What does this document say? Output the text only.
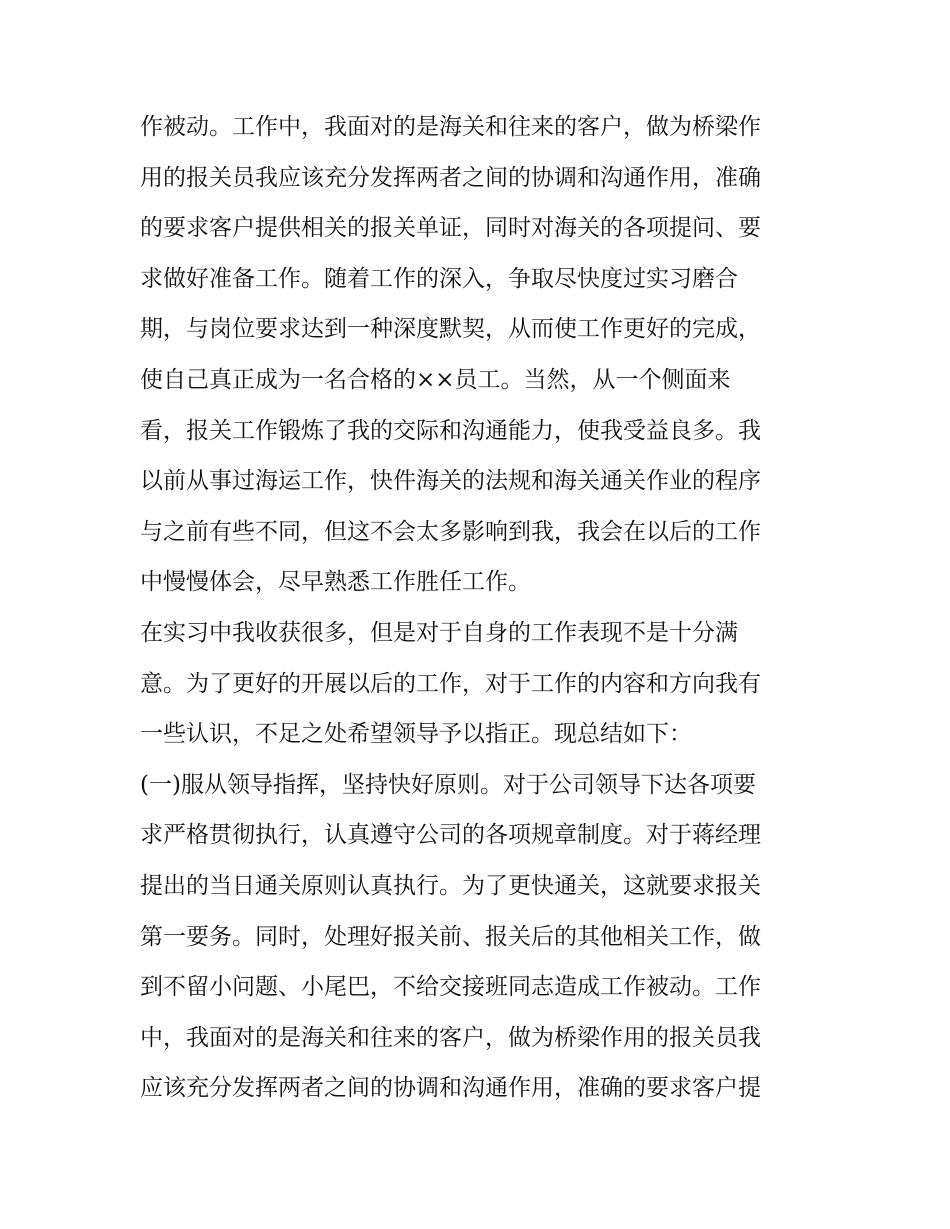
作被动。工作中，我面对的是海关和往来的客户，做为桥梁作
用的报关员我应该充分发挥两者之间的协调和沟通作用，准确
的要求客户提供相关的报关单证，同时对海关的各项提问、要
求做好准备工作。随着工作的深入，争取尽快度过实习磨合
期，与岗位要求达到一种深度默契，从而使工作更好的完成，
使自己真正成为一名合格的××员工。当然，从一个侧面来
看，报关工作锻炼了我的交际和沟通能力，使我受益良多。我
以前从事过海运工作，快件海关的法规和海关通关作业的程序
与之前有些不同，但这不会太多影响到我，我会在以后的工作
中慢慢体会，尽早熟悉工作胜任工作。
在实习中我收获很多，但是对于自身的工作表现不是十分满
意。为了更好的开展以后的工作，对于工作的内容和方向我有
一些认识，不足之处希望领导予以指正。现总结如下：
(一)服从领导指挥，坚持快好原则。对于公司领导下达各项要
求严格贯彻执行，认真遵守公司的各项规章制度。对于蒋经理
提出的当日通关原则认真执行。为了更快通关，这就要求报关
第一要务。同时，处理好报关前、报关后的其他相关工作，做
到不留小问题、小尾巴，不给交接班同志造成工作被动。工作
中，我面对的是海关和往来的客户，做为桥梁作用的报关员我
应该充分发挥两者之间的协调和沟通作用，准确的要求客户提
